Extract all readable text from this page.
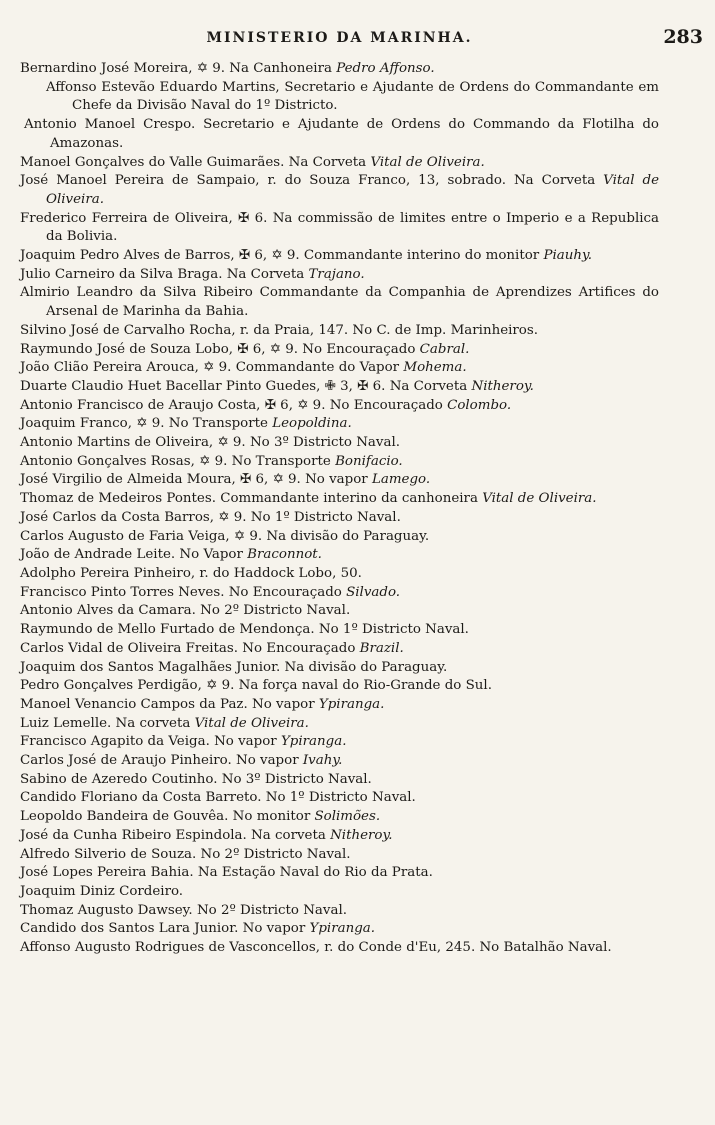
MINISTERIO DA MARINHA.	283
Bernardino José Moreira, ✡ 9. Na Canhoneira Pedro Affonso.
Affonso Estevão Eduardo Martins, Secretario e Ajudante de Ordens do Commandante em Chefe da Divisão Naval do 1º Districto.
Antonio Manoel Crespo. Secretario e Ajudante de Ordens do Commando da Flotilha do Amazonas.
Manoel Gonçalves do Valle Guimarães. Na Corveta Vital de Oliveira.
José Manoel Pereira de Sampaio, r. do Souza Franco, 13, sobrado. Na Corveta Vital de Oliveira.
Frederico Ferreira de Oliveira, ✠ 6. Na commissão de limites entre o Imperio e a Republica da Bolivia.
Joaquim Pedro Alves de Barros, ✠ 6, ✡ 9. Commandante interino do monitor Piauhy.
Julio Carneiro da Silva Braga. Na Corveta Trajano.
Almirio Leandro da Silva Ribeiro Commandante da Companhia de Aprendizes Artifices do Arsenal de Marinha da Bahia.
Silvino José de Carvalho Rocha, r. da Praia, 147. No C. de Imp. Marinheiros.
Raymundo José de Souza Lobo, ✠ 6, ✡ 9. No Encouraçado Cabral.
João Clião Pereira Arouca, ✡ 9. Commandante do Vapor Mohema.
Duarte Claudio Huet Bacellar Pinto Guedes, ✙ 3, ✠ 6. Na Corveta Nitheroy.
Antonio Francisco de Araujo Costa, ✠ 6, ✡ 9. No Encouraçado Colombo.
Joaquim Franco, ✡ 9. No Transporte Leopoldina.
Antonio Martins de Oliveira, ✡ 9. No 3º Districto Naval.
Antonio Gonçalves Rosas, ✡ 9. No Transporte Bonifacio.
José Virgilio de Almeida Moura, ✠ 6, ✡ 9. No vapor Lamego.
Thomaz de Medeiros Pontes. Commandante interino da canhoneira Vital de Oliveira.
José Carlos da Costa Barros, ✡ 9. No 1º Districto Naval.
Carlos Augusto de Faria Veiga, ✡ 9. Na divisão do Paraguay.
João de Andrade Leite. No Vapor Braconnot.
Adolpho Pereira Pinheiro, r. do Haddock Lobo, 50.
Francisco Pinto Torres Neves. No Encouraçado Silvado.
Antonio Alves da Camara. No 2º Districto Naval.
Raymundo de Mello Furtado de Mendonça. No 1º Districto Naval.
Carlos Vidal de Oliveira Freitas. No Encouraçado Brazil.
Joaquim dos Santos Magalhães Junior. Na divisão do Paraguay.
Pedro Gonçalves Perdigão, ✡ 9. Na força naval do Rio-Grande do Sul.
Manoel Venancio Campos da Paz. No vapor Ypiranga.
Luiz Lemelle. Na corveta Vital de Oliveira.
Francisco Agapito da Veiga. No vapor Ypiranga.
Carlos José de Araujo Pinheiro. No vapor Ivahy.
Sabino de Azeredo Coutinho. No 3º Districto Naval.
Candido Floriano da Costa Barreto. No 1º Districto Naval.
Leopoldo Bandeira de Gouvêa. No monitor Solimões.
José da Cunha Ribeiro Espindola. Na corveta Nitheroy.
Alfredo Silverio de Souza. No 2º Districto Naval.
José Lopes Pereira Bahia. Na Estação Naval do Rio da Prata.
Joaquim Diniz Cordeiro.
Thomaz Augusto Dawsey. No 2º Districto Naval.
Candido dos Santos Lara Junior. No vapor Ypiranga.
Affonso Augusto Rodrigues de Vasconcellos, r. do Conde d'Eu, 245. No Batalhão Naval.
